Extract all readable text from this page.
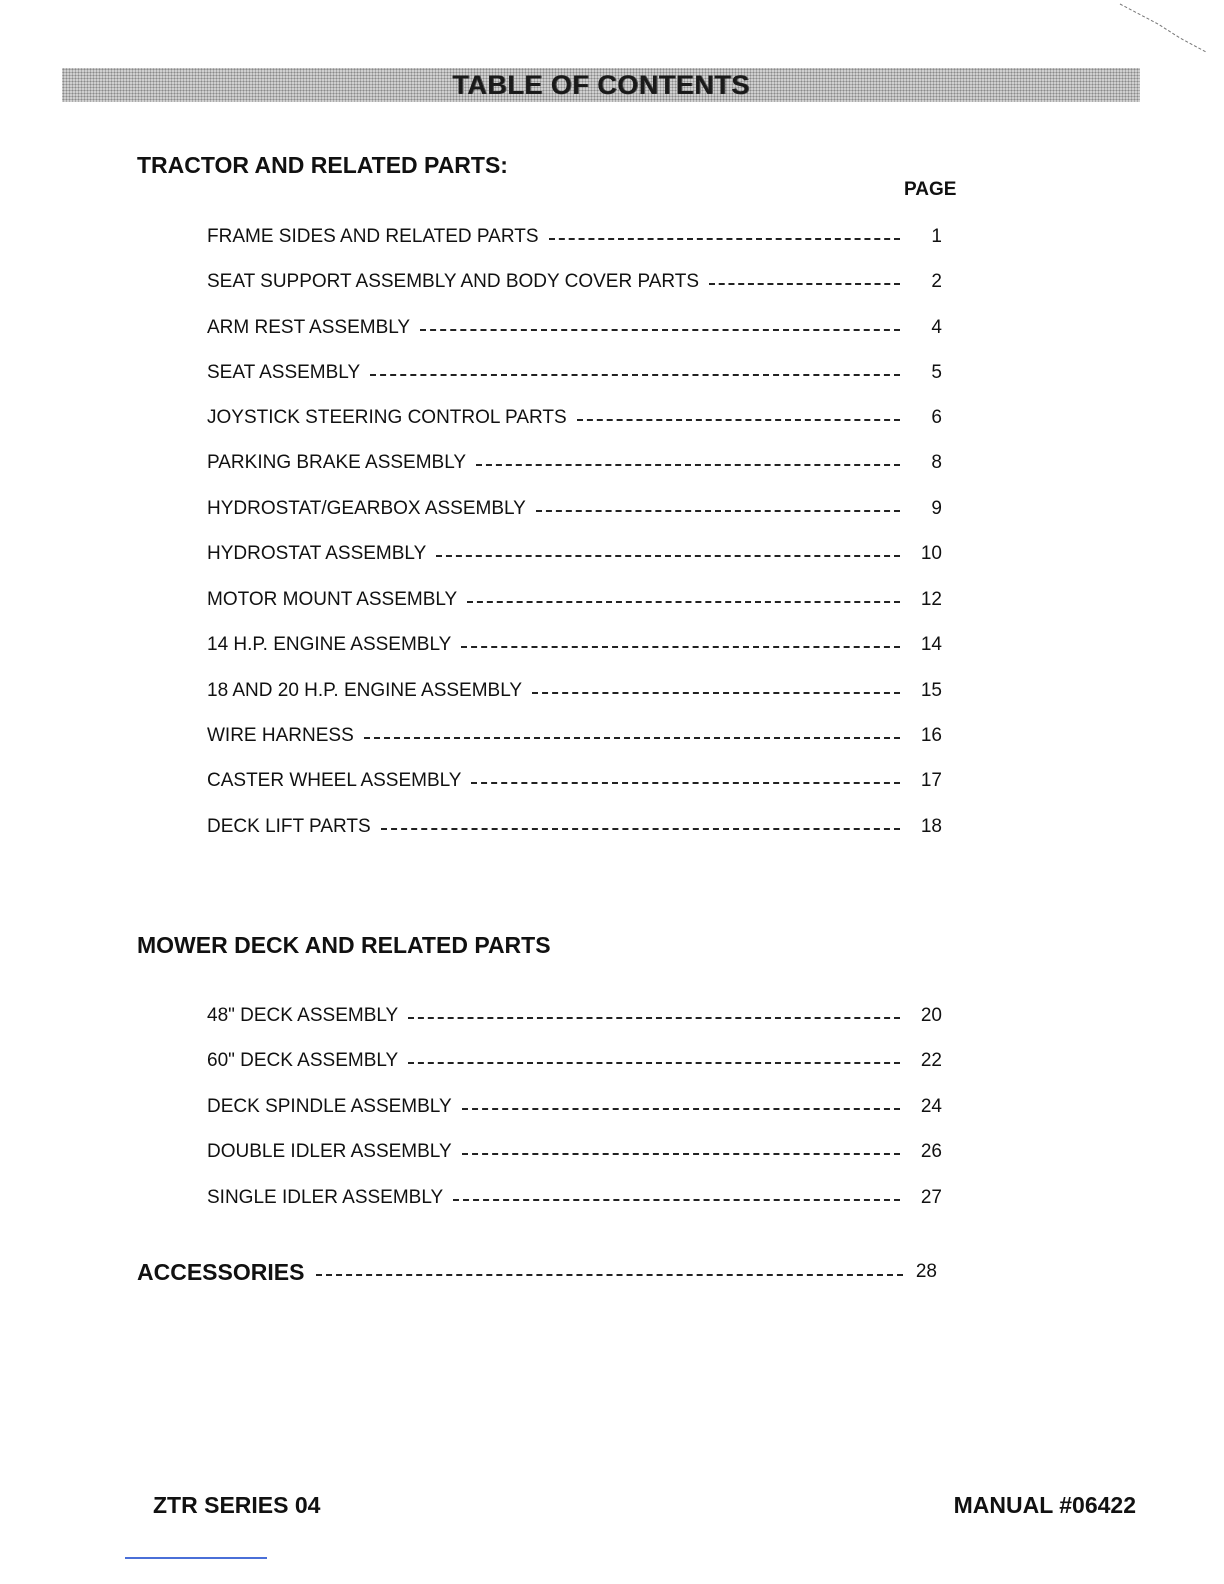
TABLE OF CONTENTS
TRACTOR AND RELATED PARTS:
PAGE
FRAME SIDES AND RELATED PARTS	1
SEAT SUPPORT ASSEMBLY AND BODY COVER PARTS	2
ARM REST ASSEMBLY	4
SEAT ASSEMBLY	5
JOYSTICK STEERING CONTROL PARTS	6
PARKING BRAKE ASSEMBLY	8
HYDROSTAT/GEARBOX ASSEMBLY	9
HYDROSTAT ASSEMBLY	10
MOTOR MOUNT ASSEMBLY	12
14 H.P. ENGINE ASSEMBLY	14
18 AND 20 H.P. ENGINE ASSEMBLY	15
WIRE HARNESS	16
CASTER WHEEL ASSEMBLY	17
DECK LIFT PARTS	18
MOWER DECK AND RELATED PARTS
48" DECK ASSEMBLY	20
60" DECK ASSEMBLY	22
DECK SPINDLE ASSEMBLY	24
DOUBLE IDLER ASSEMBLY	26
SINGLE IDLER ASSEMBLY	27
ACCESSORIES	28
ZTR SERIES 04	MANUAL #06422
